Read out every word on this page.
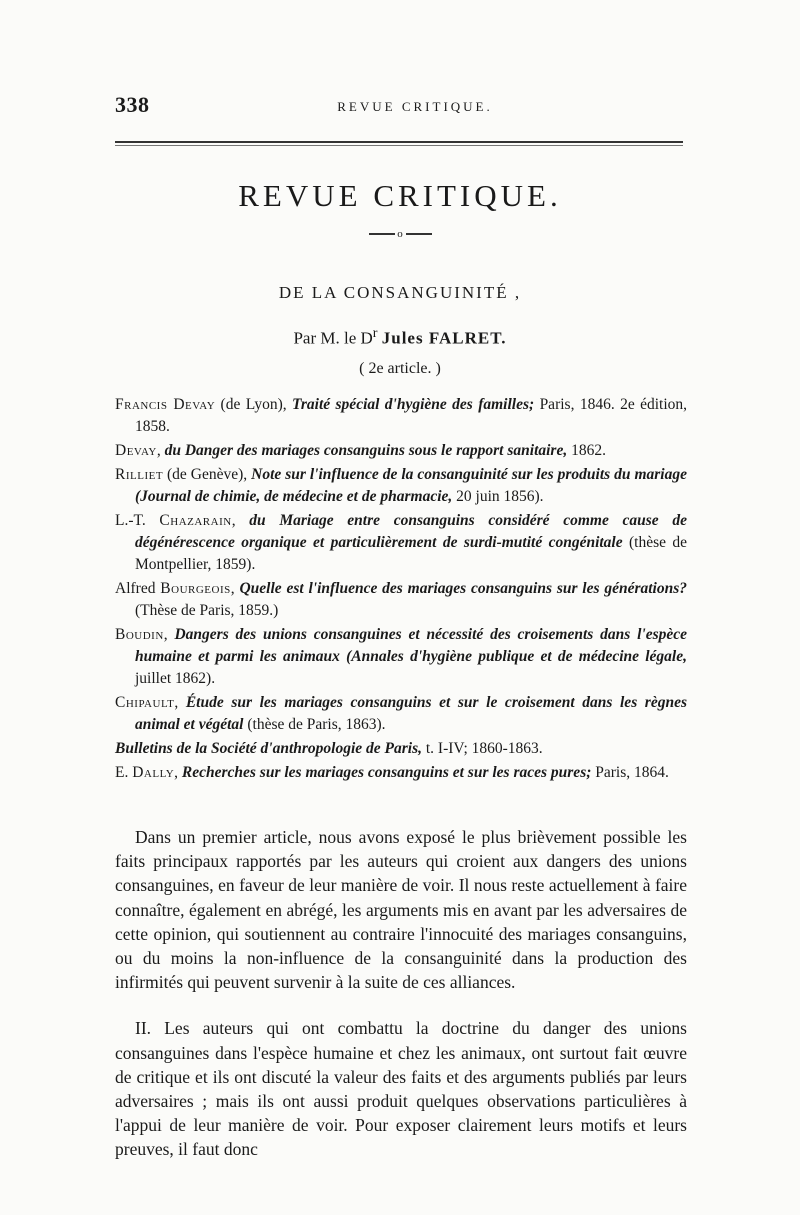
338	REVUE CRITIQUE.
REVUE CRITIQUE.
o
DE LA CONSANGUINITÉ ,
Par M. le $D^r$ Jules FALRET.
( 2e article. )

Francis Devay (de Lyon), Traité spécial d'hygiène des familles; Paris, 1846. 2e édition, 1858.

Devay, du Danger des mariages consanguins sous le rapport sanitaire, 1862.

Rilliet (de Genève), Note sur l'influence de la consanguinité sur les produits du mariage (Journal de chimie, de médecine et de pharmacie, 20 juin 1856).

L.-T. Chazarain, du Mariage entre consanguins considéré comme cause de dégénérescence organique et particulièrement de surdi-mutité congénitale (thèse de Montpellier, 1859).

Alfred Bourgeois, Quelle est l'influence des mariages consanguins sur les générations? (Thèse de Paris, 1859.)

Boudin, Dangers des unions consanguines et nécessité des croisements dans l'espèce humaine et parmi les animaux (Annales d'hygiène publique et de médecine légale, juillet 1862).

Chipault, Étude sur les mariages consanguins et sur le croisement dans les règnes animal et végétal (thèse de Paris, 1863).

Bulletins de la Société d'anthropologie de Paris, t. I-IV; 1860-1863.

E. Dally, Recherches sur les mariages consanguins et sur les races pures; Paris, 1864.

Dans un premier article, nous avons exposé le plus brièvement possible les faits principaux rapportés par les auteurs qui croient aux dangers des unions consanguines, en faveur de leur manière de voir. Il nous reste actuellement à faire connaître, également en abrégé, les arguments mis en avant par les adversaires de cette opinion, qui soutiennent au contraire l'innocuité des mariages consanguins, ou du moins la non-influence de la consanguinité dans la production des infirmités qui peuvent survenir à la suite de ces alliances.

II. Les auteurs qui ont combattu la doctrine du danger des unions consanguines dans l'espèce humaine et chez les animaux, ont surtout fait œuvre de critique et ils ont discuté la valeur des faits et des arguments publiés par leurs adversaires ; mais ils ont aussi produit quelques observations particulières à l'appui de leur manière de voir. Pour exposer clairement leurs motifs et leurs preuves, il faut donc
